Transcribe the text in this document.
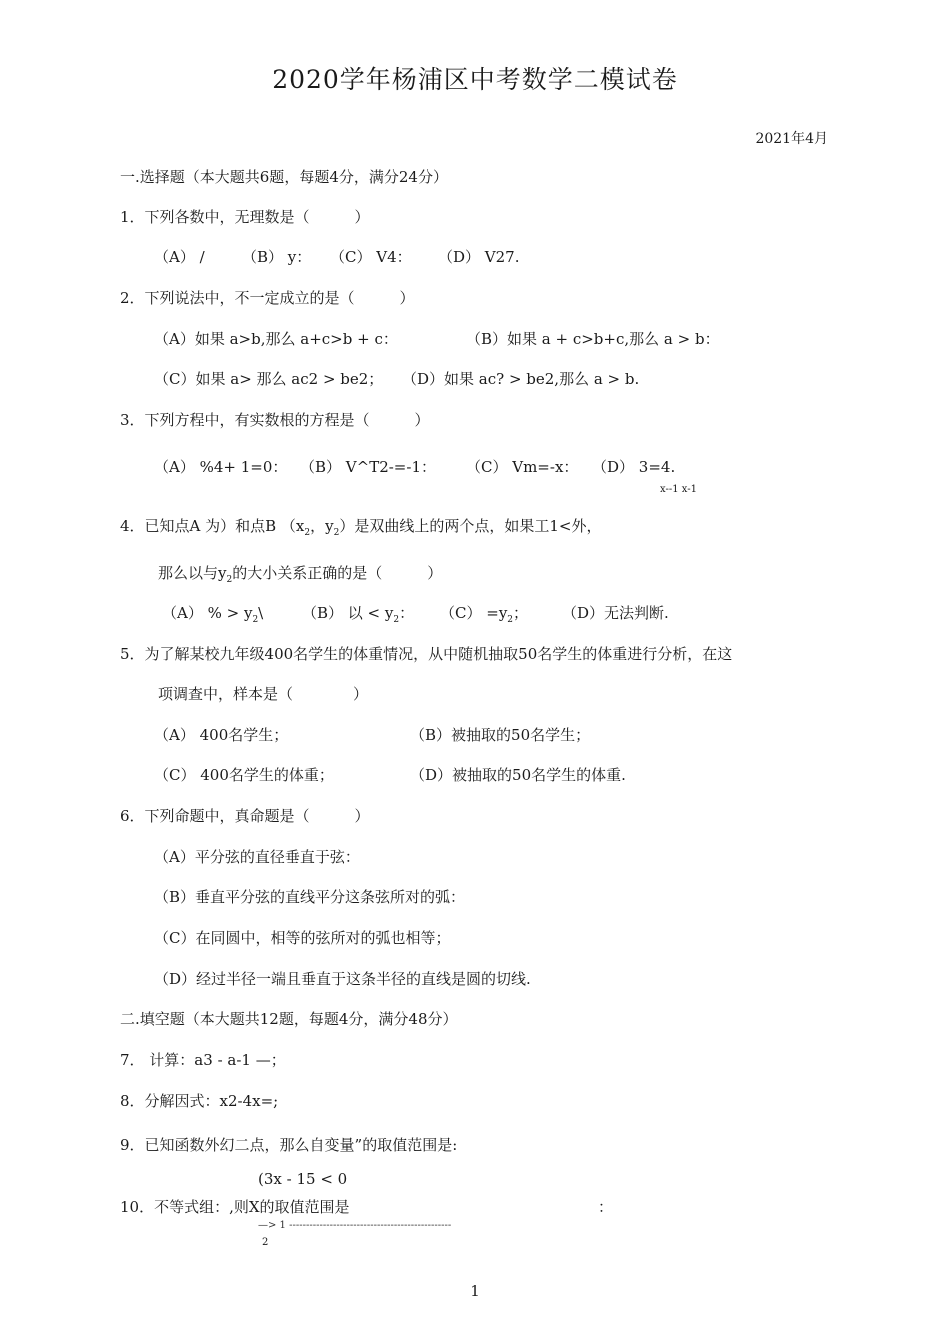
2020学年杨浦区中考数学二模试卷
2021年4月
一.选择题（本大题共6题，每题4分，满分24分）
1．下列各数中，无理数是（　　　）
（A） / （B） y： （C） V4： （D） V27.
2．下列说法中，不一定成立的是（　　　）
（A）如果 a>b,那么 a+c>b + c：	（B）如果 a + c>b+c,那么 a > b：
（C）如果 a> 那么 ac2 > be2； （D）如果 ac? > be2,那么 a > b.
3．下列方程中，有实数根的方程是（　　　）
（A） %4+ 1=0： （B） V^T2-=-1： （C） Vm=-x： （D） 3=4.
x--1 x-1
4．已知点A 为）和点B （$x_2$，$y_2$）是双曲线上的两个点，如果工1<外，
那么以与$y_2$的大小关系正确的是（　　　）
（A） % > $y_2\backslash$	（B） 以 < $y_2$： $(C) =y_2$； （D）无法判断.
5．为了解某校九年级400名学生的体重情况，从中随机抽取50名学生的体重进行分析，在这
项调查中，样本是（　　　　）
（A） 400名学生；	（B）被抽取的50名学生；
（C） 400名学生的体重；	（D）被抽取的50名学生的体重.
6．下列命题中，真命题是（　　　）
（A）平分弦的直径垂直于弦：
（B）垂直平分弦的直线平分这条弦所对的弧：
（C）在同圆中，相等的弦所对的弧也相等；
（D）经过半径一端且垂直于这条半径的直线是圆的切线.
二.填空题（本大题共12题，每题4分，满分48分）
7． 计算：a3 - a-1 —；
8．分解因式：x2-4x=;
9．已知函数外幻二点，那么自变量”的取值范围是:
(3x - 15 < 0
10．不等式组：,则X的取值范围是	：
—> 1 ------------------------------------------------
2
1
